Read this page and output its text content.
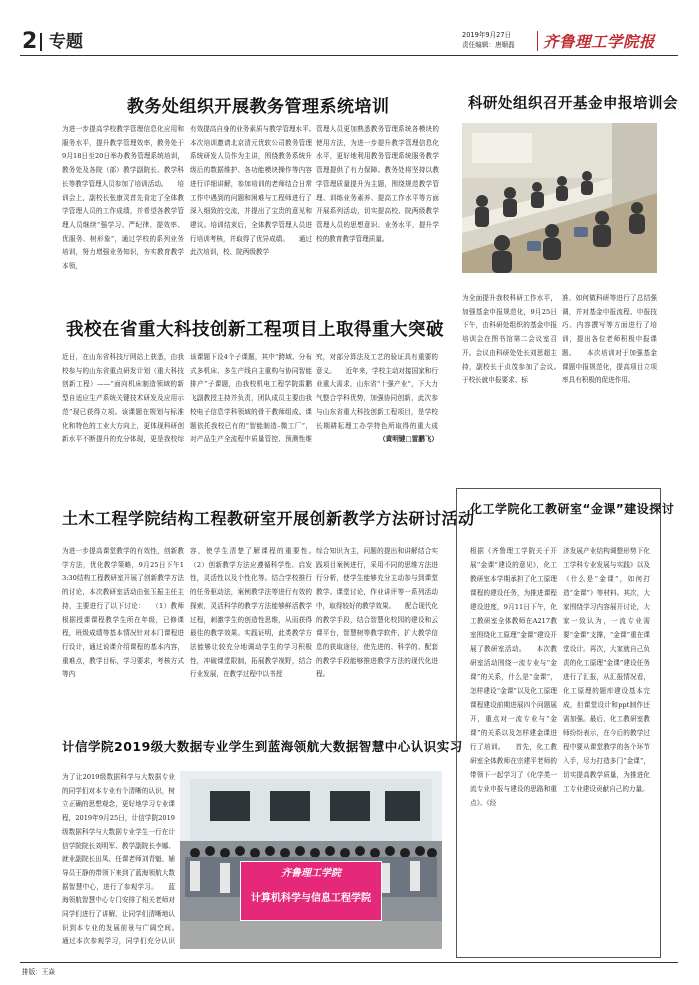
2 专题	2019年9月27日
责任编辑：唐顺磊 齐鲁理工学院报
教务处组织开展教务管理系统培训
为进一步提高学校教学管理信息化应用和服务水平，提升教学管理效率，教务处于9月18日至20日举办教务管理系统培训，教务处及各院（部）教学副院长、教学科长等教学管理人员参加了培训活动。　　培训会上，副校长张康灵首先肯定了全体教学管理人员的工作成绩，并希望各教学管理人员继续“强学习、严纪律、提效率、优服务、树形象”，通过学校的系列业务培训，努力增强业务知识，夯实教育教学本领，
有效提高自身的业务素质与教学管理水平。　　本次培训邀请北京清元优软公司教务管理系统研发人员作为主讲，围绕教务系统升级后的数据维护、各功能模块操作等内容进行详细讲解，参加培训的老师结合日常工作中遇到的问题和困难与工程师进行了深入细致的交流，并提出了宝贵的意见和建议。培训结束后，全体教学管理人员进行培训考核，并取得了优异成绩。　　通过此次培训，校、院两级教学
管理人员更加熟悉教务管理系统各模块的使用方法，为进一步提升教学管理信息化水平，更好地利用教务管理系统服务教学管理提供了有力保障。教务处将坚持以教学管理质量提升为主题，围绕规范教学管理、训练业务素养、提高工作水平等方面开展系列活动，切实提高校、院两级教学管理人员的思想意识、业务水平，提升学校的教育教学管理质量。
科研处组织召开基金申报培训会
为全面提升我校科研工作水平，加强基金申报规范化，9月25日下午，由科研处组织的基金申报培训会在图书馆第二会议室召开。会议由科研处处长刘思超主持，副校长于贞茂参加了会议。　　于校长就申报要求、标
准、如何做科研等进行了总结强调，并对基金申报流程、申报技巧、内容撰写等方面进行了培训，提出各位老师积极申报课题。　　本次培训对于加强基金课题申报规范化，提高项目立项率具有积极的促进作用。
我校在省重大科技创新工程项目上取得重大突破
近日，在山东省科技厅网站上获悉，由我校参与的山东省重点研发计划（重大科技创新工程）——“面向机床制造领域的新型自适应生产系统关键技术研发及应用示范”现已获得立项。该课题在规划与标准化和特色的工业大方向上，更体现科研创新水平不断提升的充分体现，更是我校综
该课题下设4个子课题，其中“跨域、分布式多机床、多生产线自主重构与协同智能排产”子课题，由我校机电工程学院雷鹏飞副教授主持并负责，团队成员主要由我校电子信息学科领域的骨干教师组成。课题依托我校已有的“智能制造–微工厂”，对产品生产全流程中质量管控、预测性维
究，对部分算法及工艺的验证具有重要的意义。　　近年来，学校主动对接国家和行业重大需求，山东省“十强产业”，下大力气整合学科优势，加强协同创新，此次参与山东省重大科技创新工程项目，是学校长期耕耘理工办学特色所取得的重大成
（黄明键□雷鹏飞）
土木工程学院结构工程教研室开展创新教学方法研讨活动
为进一步提高课堂教学的有效性，创新教学方法，优化教学策略，9月25日下午13:30结构工程教研室开展了创新教学方法的讨论，本次教研室活动由张玉振主任主持，主要进行了以下讨论：　　（1）教师根据授课课程教学生所在年级，已修课程，班级成绩等基本情况针对本门课程进行设计，通过说课介绍课程的基本内容，重难点，教学目标，学习要求，考核方式等内
容，使学生清楚了解课程的重要性。　　（2）创新教学方法应遵循科学性、启发性，灵活性以及个性化等。结合学校推行的任务驱动法，案例教学法等进行有效的探索，灵活科学的教学方法能够鲜活教学过程，刺激学生的创造性思维，从而获得最佳的教学效果。实践证明，此类教学方法能够让较充分地调动学生的学习积极性，冲破课堂限制，拓展教学视野，结合行业发展，在教学过程中以书授
综合知识为主，问题的提出和讲解结合实践项目案例进行，采用不同的思维方法进行分析，使学生能够充分主动参与到课堂教学。课堂讨论，作业讲评等一系列活动中，取得较好的教学效果。　　配合现代化的教学手段，结合智慧化校园的建设和云课平台，智慧树等教学软件，扩大教学信息的获取途径，使先进的、科学的、配套的教学手段能够推进教学方法的现代化进程。
计信学院2019级大数据专业学生到蓝海领航大数据智慧中心认识实习
为了让2019级数据科学与大数据专业的同学们对本专业有个清晰的认识，树立正确的思想观念，更好地学习专业课程，2019年9月25日，计信学院2019级数据科学与大数据专业学生一行在计信学院院长刘明军、教学副院长李娜、就业副院长田凤、任课老师刘青魁、辅导员王静的带领下来到了蓝海领航大数据智慧中心，进行了参观学习。　　蓝海领航智慧中心专门安排了相关老师对同学们进行了讲解，让同学们清晰地认识到本专业的发展前景与广阔空间。　　通过本次参观学习，同学们充分认识
齐鲁理工学院
计算机科学与信息工程学院
化工学院化工教研室“金课”建设探讨
根据《齐鲁理工学院关于开展“金课”建设的意见》，化工教研室本学期承担了化工原理课程的建设任务，为推进课程建设进度，9月11日下午，化工教研室全体教师在A217教室围绕化工原理“金课”建设开展了教研室活动。　　本次教研室活动围绕一流专业与“金课”的关系，什么是“金课”，怎样建设“金课”以及化工原理课程建设前期进展四个问题展开，重点对一流专业与“金课”的关系以及怎样建金课进行了培训。　　首先，化工教研室全体教师在宗建平老师的带领下一起学习了《化学类一流专业申报与建设的思路和重点》、《经
济发展产业结构调整形势下化工学科专业发展与实践》以及《什么是“金课”，如何打造“金课”》等材料。其次，大家围绕学习内容展开讨论，大家一致认为，一流专业需要“金课”支撑，“金课”重在课堂设计。再次，大家就自己负责的化工原理“金课”建设任务进行了汇报，从汇报情况看，化工原理的题库建设基本完成，但课堂设计和ppt制作还需加强。最后，化工教研室教师纷纷表示，在今后的教学过程中要从课堂教学的各个环节入手，尽力打造多门“金课”，切实提高教学质量，为推进化工专业建设贡献自己的力量。
排版：王焱
